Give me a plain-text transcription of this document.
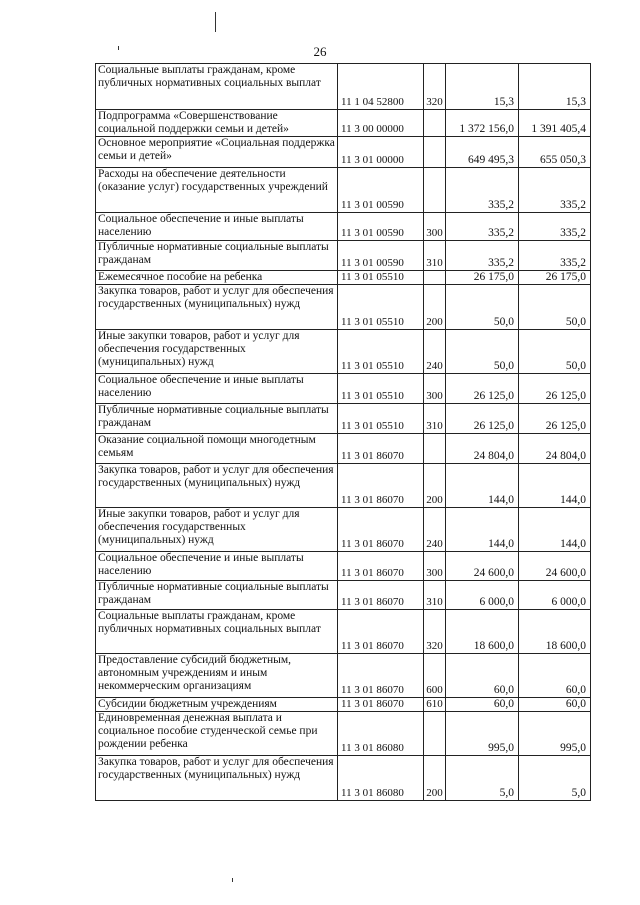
26
Социальные выплаты гражданам, кроме публичных нормативных социальных выплат	11 1 04 52800	320	15,3	15,3
Подпрограмма «Совершенствование социальной поддержки семьи и детей»	11 3 00 00000		1 372 156,0	1 391 405,4
Основное мероприятие «Социальная поддержка семьи и детей»	11 3 01 00000		649 495,3	655 050,3
Расходы на обеспечение деятельности (оказание услуг) государственных учреждений	11 3 01 00590		335,2	335,2
Социальное обеспечение и иные выплаты населению	11 3 01 00590	300	335,2	335,2
Публичные нормативные социальные выплаты гражданам	11 3 01 00590	310	335,2	335,2
Ежемесячное пособие на ребенка	11 3 01 05510		26 175,0	26 175,0
Закупка товаров, работ и услуг для обеспечения государственных (муниципальных) нужд	11 3 01 05510	200	50,0	50,0
Иные закупки товаров, работ и услуг для обеспечения государственных (муниципальных) нужд	11 3 01 05510	240	50,0	50,0
Социальное обеспечение и иные выплаты населению	11 3 01 05510	300	26 125,0	26 125,0
Публичные нормативные социальные выплаты гражданам	11 3 01 05510	310	26 125,0	26 125,0
Оказание социальной помощи многодетным семьям	11 3 01 86070		24 804,0	24 804,0
Закупка товаров, работ и услуг для обеспечения государственных (муниципальных) нужд	11 3 01 86070	200	144,0	144,0
Иные закупки товаров, работ и услуг для обеспечения государственных (муниципальных) нужд	11 3 01 86070	240	144,0	144,0
Социальное обеспечение и иные выплаты населению	11 3 01 86070	300	24 600,0	24 600,0
Публичные нормативные социальные выплаты гражданам	11 3 01 86070	310	6 000,0	6 000,0
Социальные выплаты гражданам, кроме публичных нормативных социальных выплат	11 3 01 86070	320	18 600,0	18 600,0
Предоставление субсидий бюджетным, автономным учреждениям и иным некоммерческим организациям	11 3 01 86070	600	60,0	60,0
Субсидии бюджетным учреждениям	11 3 01 86070	610	60,0	60,0
Единовременная денежная выплата и социальное пособие студенческой семье при рождении ребенка	11 3 01 86080		995,0	995,0
Закупка товаров, работ и услуг для обеспечения государственных (муниципальных) нужд	11 3 01 86080	200	5,0	5,0
